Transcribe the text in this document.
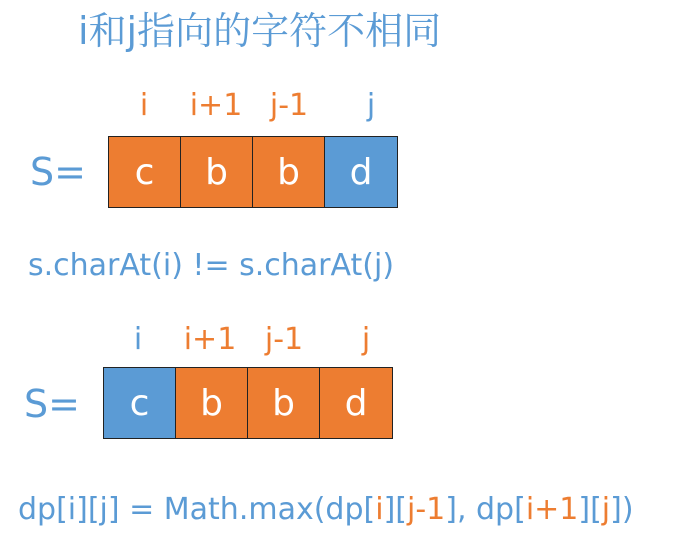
i和j指向的字符不相同
i	i+1 j-1	j
S=	c	b	b	d
s.charAt(i) != s.charAt(j)
i	i+1 j-1	j
S=	c	b	b	d
dp[i][j] = Math.max(dp[i][j-1], dp[i+1][j])
